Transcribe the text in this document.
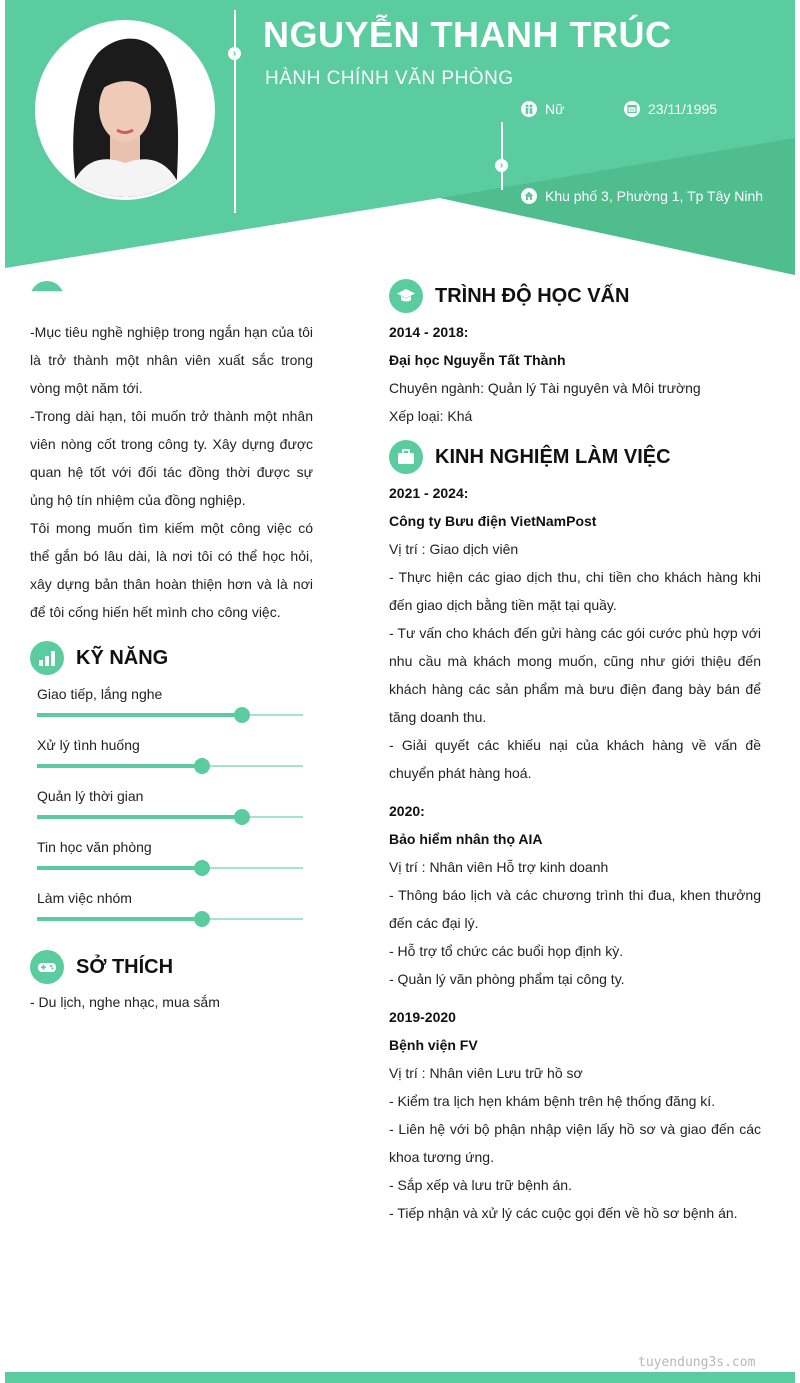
›
›
NGUYỄN THANH TRÚC
HÀNH CHÍNH VĂN PHÒNG
Nữ	23/11/1995
Khu phố 3, Phường 1, Tp Tây Ninh

-Mục tiêu nghề nghiệp trong ngắn hạn của tôi là trở thành một nhân viên xuất sắc trong vòng một năm tới.

-Trong dài hạn, tôi muốn trở thành một nhân viên nòng cốt trong công ty. Xây dựng được quan hệ tốt với đối tác đồng thời được sự ủng hộ tín nhiệm của đồng nghiệp.

Tôi mong muốn tìm kiếm một công việc có thể gắn bó lâu dài, là nơi tôi có thể học hỏi, xây dựng bản thân hoàn thiện hơn và là nơi để tôi cống hiến hết mình cho công việc.

KỸ NĂNG
Giao tiếp, lắng nghe
Xử lý tình huống
Quản lý thời gian
Tin học văn phòng
Làm việc nhóm
SỞ THÍCH
- Du lịch, nghe nhạc, mua sắm
TRÌNH ĐỘ HỌC VẤN

2014 - 2018:

Đại học Nguyễn Tất Thành

Chuyên ngành: Quản lý Tài nguyên và Môi trường

Xếp loại: Khá

KINH NGHIỆM LÀM VIỆC

2021 - 2024:

Công ty Bưu điện VietNamPost

Vị trí : Giao dịch viên

- Thực hiện các giao dịch thu, chi tiền cho khách hàng khi đến giao dịch bằng tiền mặt tại quầy.

- Tư vấn cho khách đến gửi hàng các gói cước phù hợp với nhu cầu mà khách mong muốn, cũng như giới thiệu đến khách hàng các sản phẩm mà bưu điện đang bày bán để tăng doanh thu.

- Giải quyết các khiếu nại của khách hàng về vấn đề chuyển phát hàng hoá.

2020:

Bảo hiểm nhân thọ AIA

Vị trí : Nhân viên Hỗ trợ kinh doanh

- Thông báo lịch và các chương trình thi đua, khen thưởng đến các đại lý.

- Hỗ trợ tổ chức các buổi họp định kỳ.

- Quản lý văn phòng phẩm tại công ty.

2019-2020

Bệnh viện FV

Vị trí : Nhân viên Lưu trữ hồ sơ

- Kiểm tra lịch hẹn khám bệnh trên hệ thống đăng kí.

- Liên hệ với bộ phận nhập viện lấy hồ sơ và giao đến các khoa tương ứng.

- Sắp xếp và lưu trữ bệnh án.

- Tiếp nhận và xử lý các cuộc gọi đến về hồ sơ bệnh án.

tuyendung3s.com
